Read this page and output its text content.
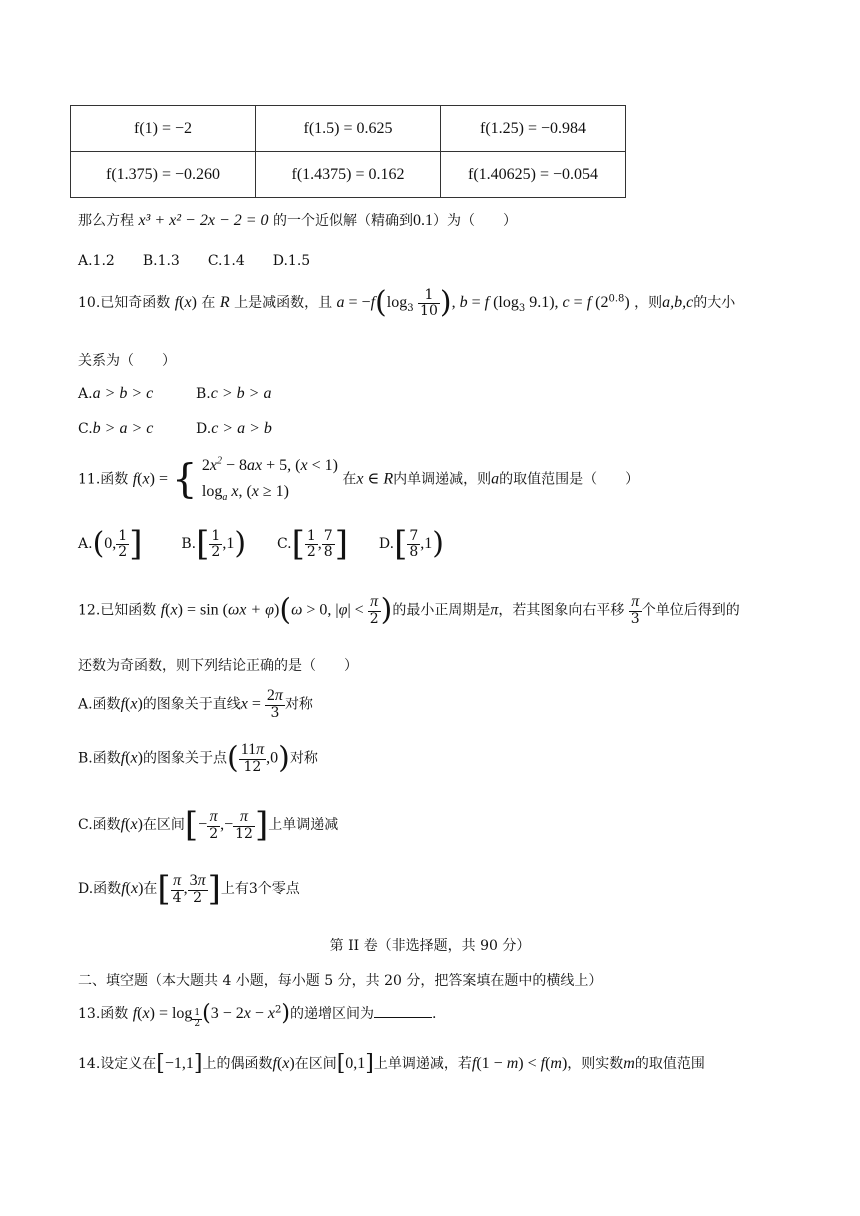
f(1) = −2	f(1.5) = 0.625	f(1.25) = −0.984
f(1.375) = −0.260	f(1.4375) = 0.162	f(1.40625) = −0.054
那么方程 x³ + x² − 2x − 2 = 0 的一个近似解（精确到0.1）为（　　）
A.1.2　　B.1.3　　C.1.4　　D.1.5
10.已知奇函数 f(x) 在 R 上是减函数，且 $a = -f(\log_3 \frac{1}{10}$ ), b = f ($\log_3$ 9.1), c = f $(2^{0.8})$ ，则a,b,c的大小
关系为（　　）
A.a > b > c	B.c > b > a
C.b > a > c	D.c > a > b
11.函数 f(x) = { $2x^2 - 8ax + 5$, (x < 1)
$\log_a x$, (x ≥ 1)
在x ∈ R内单调递减，则a的取值范围是（　　）
A.(0, $\frac{1}{2}$ ]	$B.[ \frac{1}{2} ,1)$ $C.[ \frac{1}{2}$ , $\frac{7}{8}$ ] $D.[ \frac{7}{8} ,1)$
12.已知函数 f(x) = sin (ωx + φ)(ω > 0, $|\varphi| < \frac{\pi}{2}$ )的最小正周期是π，若其图象向右平移 $\frac{\pi}{3}$ 个单位后得到的
还数为奇函数，则下列结论正确的是（　　）
A.函数f(x)的图象关于直线$x = \frac{2\pi}{3}$ 对称
B.函数f(x)的图象关于点( $\frac{11\pi}{12} ,0$)对称
C.函数f(x)在区间[− $\frac{\pi}{2}$ ,− $\frac{\pi}{12}$ ]上单调递减
D.函数f(x)在[ $\frac{\pi}{4}$ , $\frac{3\pi}{2}$ ]上有3个零点
第 II 卷（非选择题，共 90 分）
二、填空题（本大题共 4 小题，每小题 5 分，共 20 分，把答案填在题中的横线上）
13.函数 f(x) = log $_{\frac{1}{2}}$ $(3 - 2x - x^2)$的递增区间为	.
14.设定义在[−1,1]上的偶函数f(x)在区间[0,1]上单调递减，若f(1 − m) < f(m)，则实数m的取值范围
